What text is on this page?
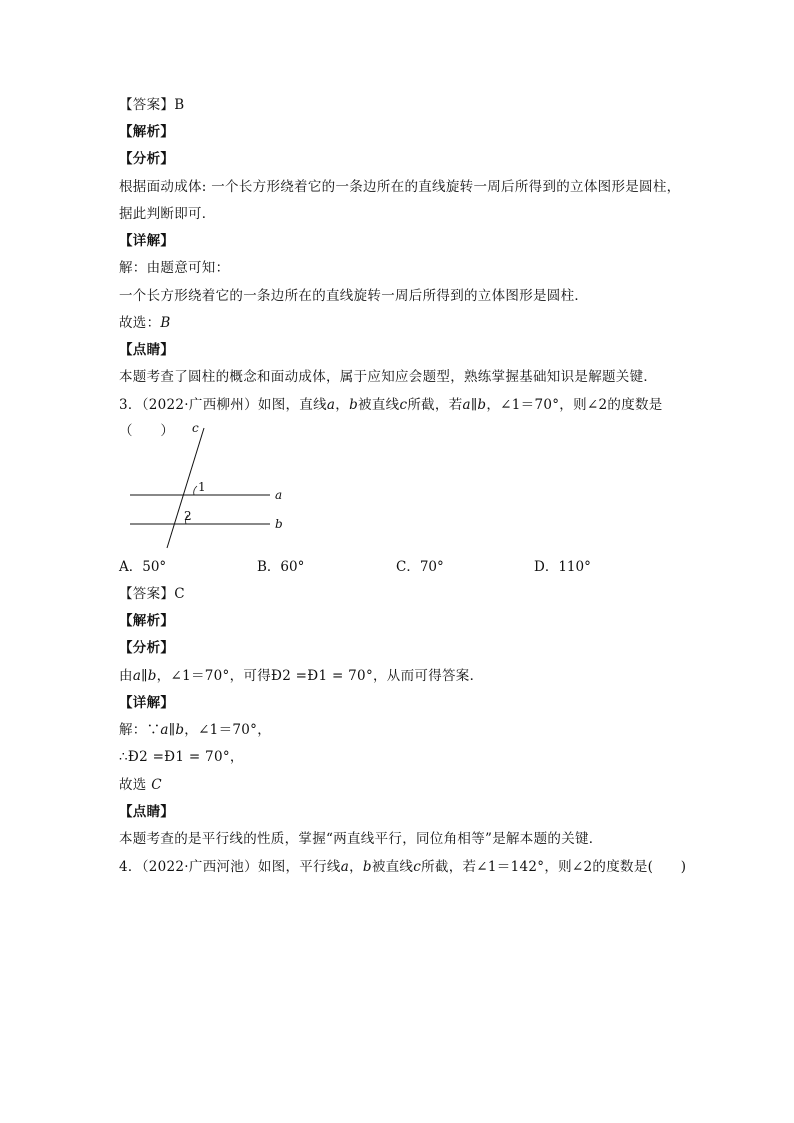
【答案】B
【解析】
【分析】
根据面动成体: 一个长方形绕着它的一条边所在的直线旋转一周后所得到的立体图形是圆柱，
据此判断即可．
【详解】
解：由题意可知：
一个长方形绕着它的一条边所在的直线旋转一周后所得到的立体图形是圆柱．
故选：B
【点睛】
本题考查了圆柱的概念和面动成体，属于应知应会题型，熟练掌握基础知识是解题关键．
3．（2022·广西柳州）如图，直线a，b被直线c所截，若a∥b，∠1＝70°，则∠2的度数是
（　　） c
1
a
2
b
A．50°	B．60°	C．70°	D．110°
【答案】C
【解析】
【分析】
由a∥b，∠1＝70°，可得Ð2 =Ð1 = 70°，从而可得答案．
【详解】
解：∵a∥b，∠1＝70°，
∴Ð2 =Ð1 = 70°，
故选 C
【点睛】
本题考查的是平行线的性质，掌握“两直线平行，同位角相等”是解本题的关键．
4．（2022·广西河池）如图，平行线a，b被直线c所截，若∠1＝142°，则∠2的度数是(　　)
